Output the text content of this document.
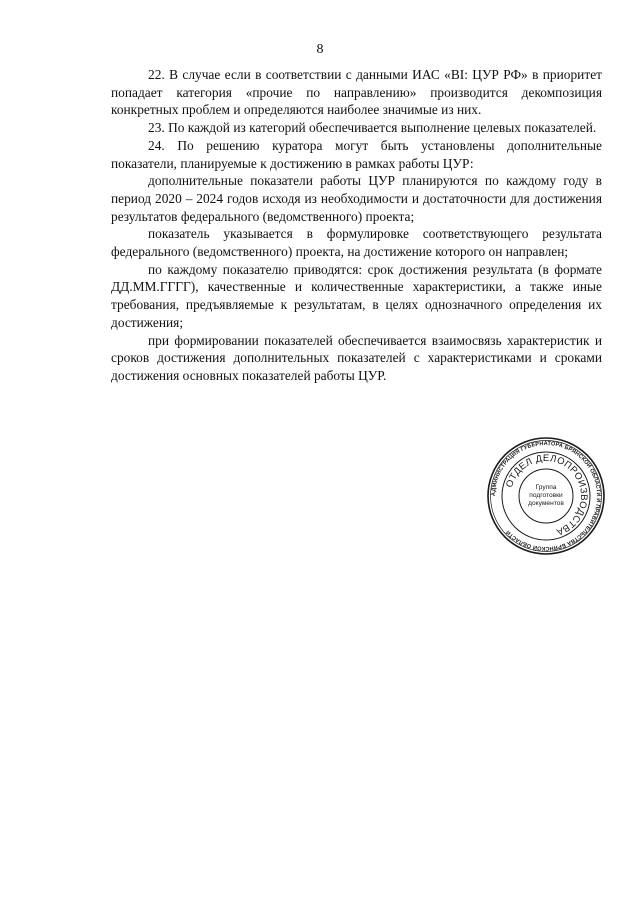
8

22. В случае если в соответствии с данными ИАС «BI: ЦУР РФ» в приоритет попадает категория «прочие по направлению» производится декомпозиция конкретных проблем и определяются наиболее значимые из них.

23. По каждой из категорий обеспечивается выполнение целевых показателей.

24. По решению куратора могут быть установлены дополнительные показатели, планируемые к достижению в рамках работы ЦУР:

дополнительные показатели работы ЦУР планируются по каждому году в период 2020 – 2024 годов исходя из необходимости и достаточности для достижения результатов федерального (ведомственного) проекта;

показатель указывается в формулировке соответствующего результата федерального (ведомственного) проекта, на достижение которого он направлен;

по каждому показателю приводятся: срок достижения результата (в формате ДД.ММ.ГГГГ), качественные и количественные характеристики, а также иные требования, предъявляемые к результатам, в целях однозначного определения их достижения;

при формировании показателей обеспечивается взаимосвязь характеристик и сроков достижения дополнительных показателей с характеристиками и сроками достижения основных показателей работы ЦУР.

АДМИНИСТРАЦИЯ ГУБЕРНАТОРА БРЯНСКОЙ ОБЛАСТИ И ПРАВИТЕЛЬСТВА БРЯНСКОЙ ОБЛАСТИ
ОТДЕЛ ДЕЛОПРОИЗВОДСТВА
Группа
подготовки
документов
